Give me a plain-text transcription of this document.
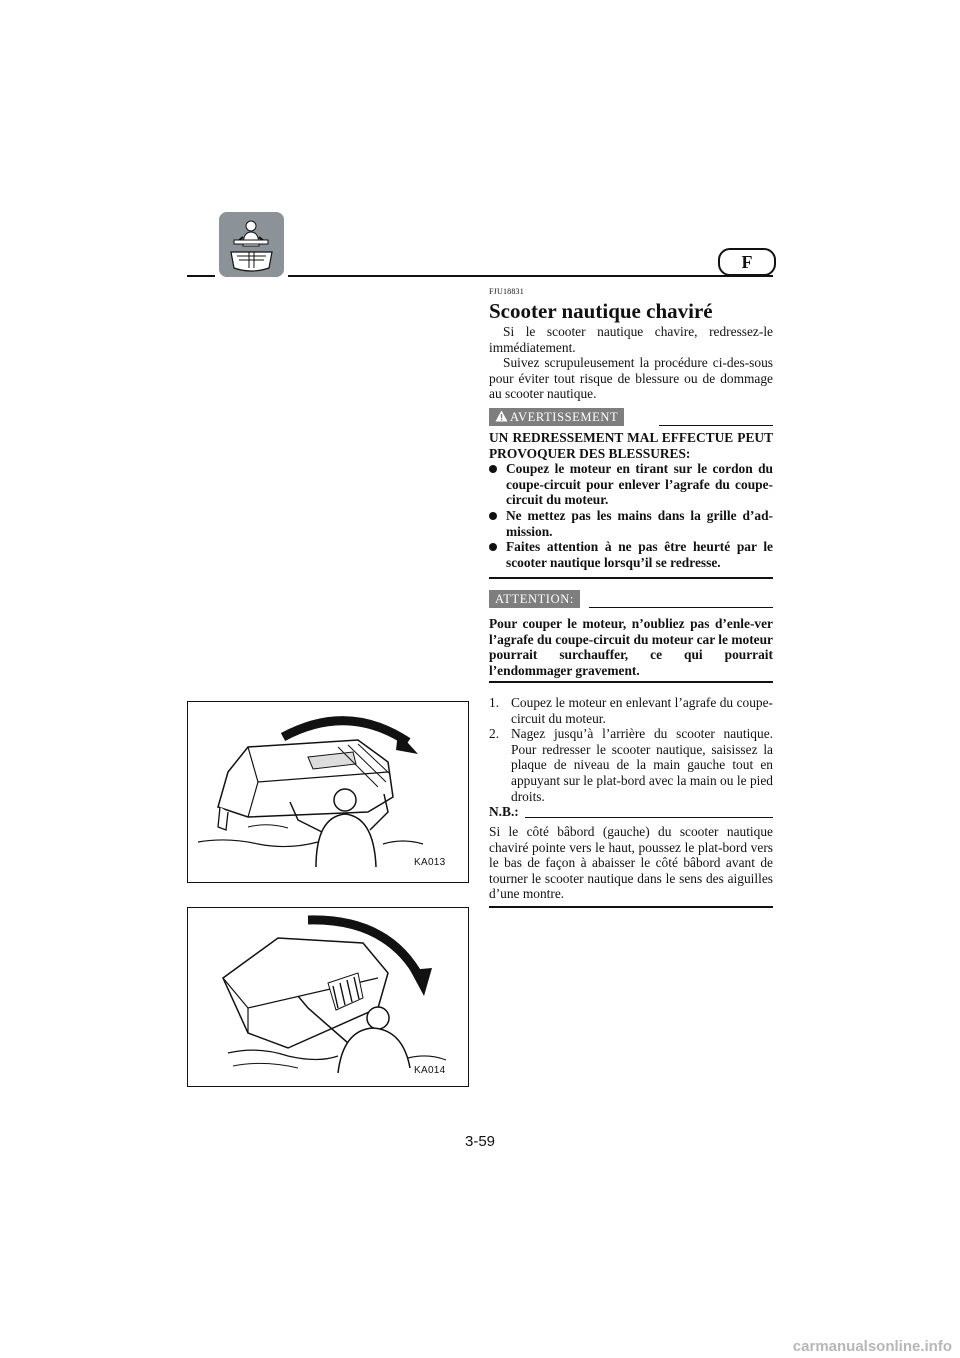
F
FJU18831
Scooter nautique chaviré

Si le scooter nautique chavire, redressez-le immédiatement.

Suivez scrupuleusement la procédure ci-des-sous pour éviter tout risque de blessure ou de dommage au scooter nautique.

AVERTISSEMENT

UN REDRESSEMENT MAL EFFECTUE PEUT PROVOQUER DES BLESSURES:

Coupez le moteur en tirant sur le cordon du coupe-circuit pour enlever l’agrafe du coupe-circuit du moteur.
Ne mettez pas les mains dans la grille d’ad-mission.
Faites attention à ne pas être heurté par le scooter nautique lorsqu’il se redresse.
ATTENTION:

Pour couper le moteur, n’oubliez pas d’enle-ver l’agrafe du coupe-circuit du moteur car le moteur pourrait surchauffer, ce qui pourrait l’endommager gravement.

1. Coupez le moteur en enlevant l’agrafe du coupe-circuit du moteur.
2. Nagez jusqu’à l’arrière du scooter nautique. Pour redresser le scooter nautique, saisissez la plaque de niveau de la main gauche tout en appuyant sur le plat-bord avec la main ou le pied droits.
N.B.:

Si le côté bâbord (gauche) du scooter nautique chaviré pointe vers le haut, poussez le plat-bord vers le bas de façon à abaisser le côté bâbord avant de tourner le scooter nautique dans le sens des aiguilles d’une montre.

KA013
KA014
3-59
carmanualsonline.info
